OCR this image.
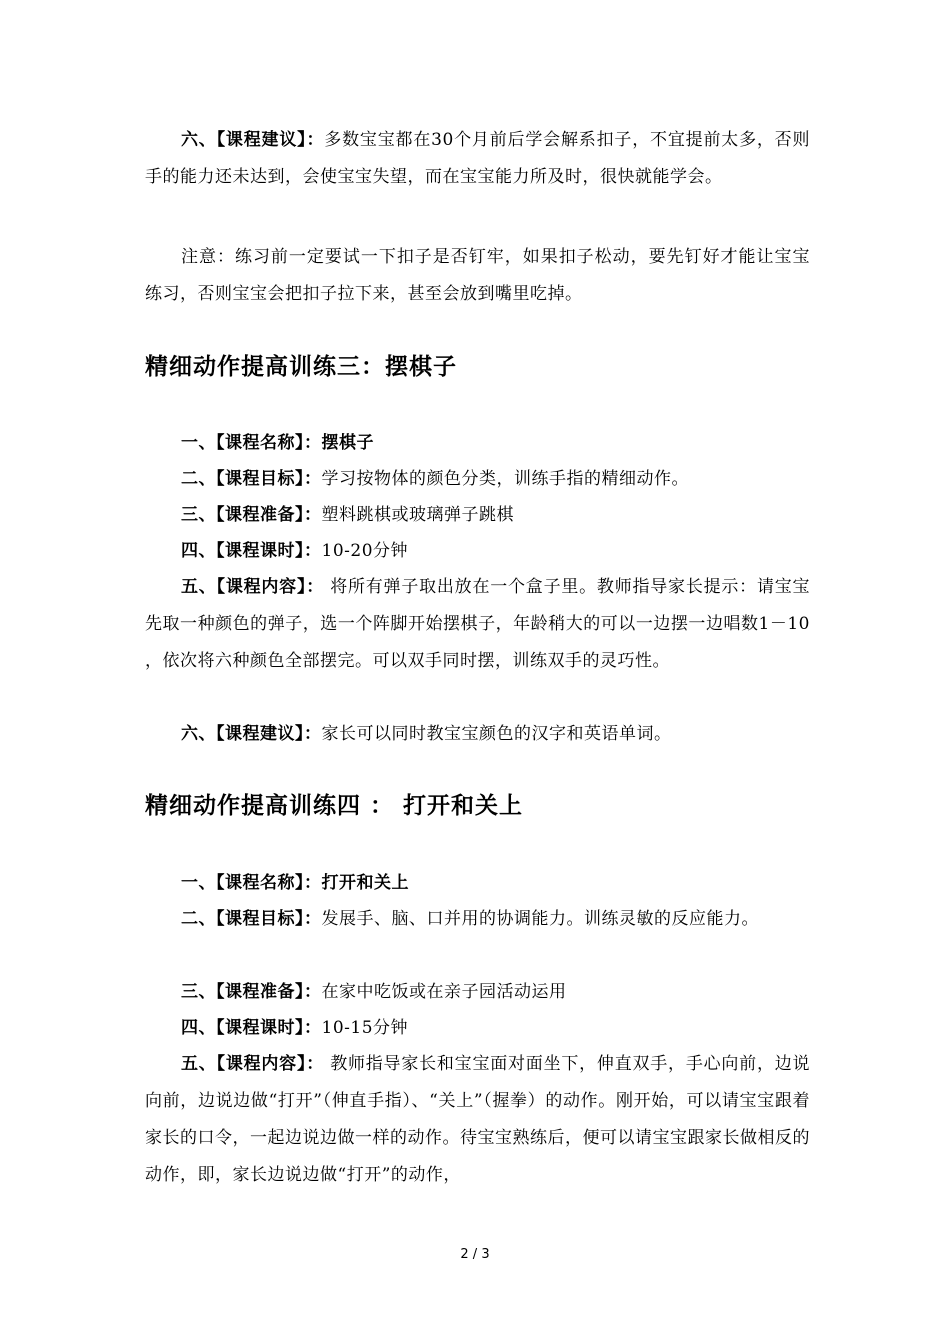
六、【课程建议】：多数宝宝都在30个月前后学会解系扣子，不宜提前太多，否则手的能力还未达到，会使宝宝失望，而在宝宝能力所及时，很快就能学会。
注意：练习前一定要试一下扣子是否钉牢，如果扣子松动，要先钉好才能让宝宝练习，否则宝宝会把扣子拉下来，甚至会放到嘴里吃掉。
精细动作提高训练三：摆棋子
一、【课程名称】：摆棋子
二、【课程目标】：学习按物体的颜色分类，训练手指的精细动作。
三、【课程准备】：塑料跳棋或玻璃弹子跳棋
四、【课程课时】：10-20分钟
五、【课程内容】： 将所有弹子取出放在一个盒子里。教师指导家长提示：请宝宝先取一种颜色的弹子，选一个阵脚开始摆棋子，年龄稍大的可以一边摆一边唱数1－10 ，依次将六种颜色全部摆完。可以双手同时摆，训练双手的灵巧性。
六、【课程建议】：家长可以同时教宝宝颜色的汉字和英语单词。
精细动作提高训练四 ： 打开和关上
一、【课程名称】：打开和关上
二、【课程目标】：发展手、脑、口并用的协调能力。训练灵敏的反应能力。
三、【课程准备】：在家中吃饭或在亲子园活动运用
四、【课程课时】：10-15分钟
五、【课程内容】： 教师指导家长和宝宝面对面坐下，伸直双手，手心向前，边说向前，边说边做“打开”（伸直手指）、“关上”（握拳）的动作。刚开始，可以请宝宝跟着家长的口令，一起边说边做一样的动作。待宝宝熟练后，便可以请宝宝跟家长做相反的动作，即，家长边说边做“打开”的动作，
2 / 3
